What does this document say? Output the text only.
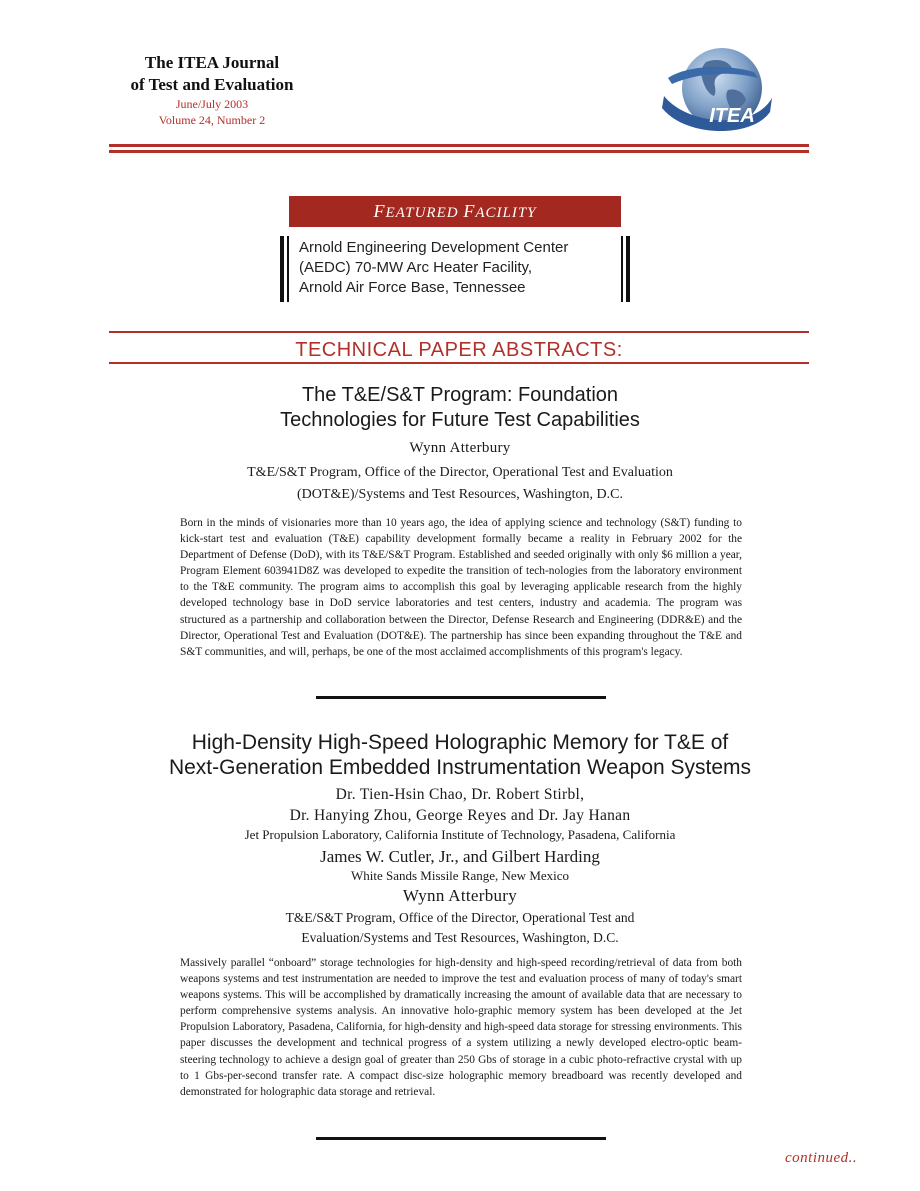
The ITEA Journal
of Test and Evaluation
June/July 2003
Volume 24, Number 2	ITEA
FEATURED FACILITY
Arnold Engineering Development Center
(AEDC) 70-MW Arc Heater Facility,
Arnold Air Force Base, Tennessee
TECHNICAL PAPER ABSTRACTS:
The T&E/S&T Program: Foundation
Technologies for Future Test Capabilities
Wynn Atterbury
T&E/S&T Program, Office of the Director, Operational Test and Evaluation
(DOT&E)/Systems and Test Resources, Washington, D.C.
Born in the minds of visionaries more than 10 years ago, the idea of applying science and technology (S&T) funding to kick-start test and evaluation (T&E) capability development formally became a reality in February 2002 for the Department of Defense (DoD), with its T&E/S&T Program. Established and seeded originally with only $6 million a year, Program Element 603941D8Z was developed to expedite the transition of tech-nologies from the laboratory environment to the T&E community. The program aims to accomplish this goal by leveraging applicable research from the highly developed technology base in DoD service laboratories and test centers, industry and academia. The program was structured as a partnership and collaboration between the Director, Defense Research and Engineering (DDR&E) and the Director, Operational Test and Evaluation (DOT&E). The partnership has since been expanding throughout the T&E and S&T communities, and will, perhaps, be one of the most acclaimed accomplishments of this program's legacy.
High-Density High-Speed Holographic Memory for T&E of
Next-Generation Embedded Instrumentation Weapon Systems
Dr. Tien-Hsin Chao, Dr. Robert Stirbl,
Dr. Hanying Zhou, George Reyes and Dr. Jay Hanan
Jet Propulsion Laboratory, California Institute of Technology, Pasadena, California
James W. Cutler, Jr., and Gilbert Harding
White Sands Missile Range, New Mexico
Wynn Atterbury
T&E/S&T Program, Office of the Director, Operational Test and
Evaluation/Systems and Test Resources, Washington, D.C.
Massively parallel “onboard” storage technologies for high-density and high-speed recording/retrieval of data from both weapons systems and test instrumentation are needed to improve the test and evaluation process of many of today's smart weapons systems. This will be accomplished by dramatically increasing the amount of available data that are necessary to perform comprehensive systems analysis. An innovative holo-graphic memory system has been developed at the Jet Propulsion Laboratory, Pasadena, California, for high-density and high-speed data storage for stressing environments. This paper discusses the development and technical progress of a system utilizing a newly developed electro-optic beam-steering technology to achieve a design goal of greater than 250 Gbs of storage in a cubic photo-refractive crystal with up to 1 Gbs-per-second transfer rate. A compact disc-size holographic memory breadboard was recently developed and demonstrated for holographic data storage and retrieval.
continued..
